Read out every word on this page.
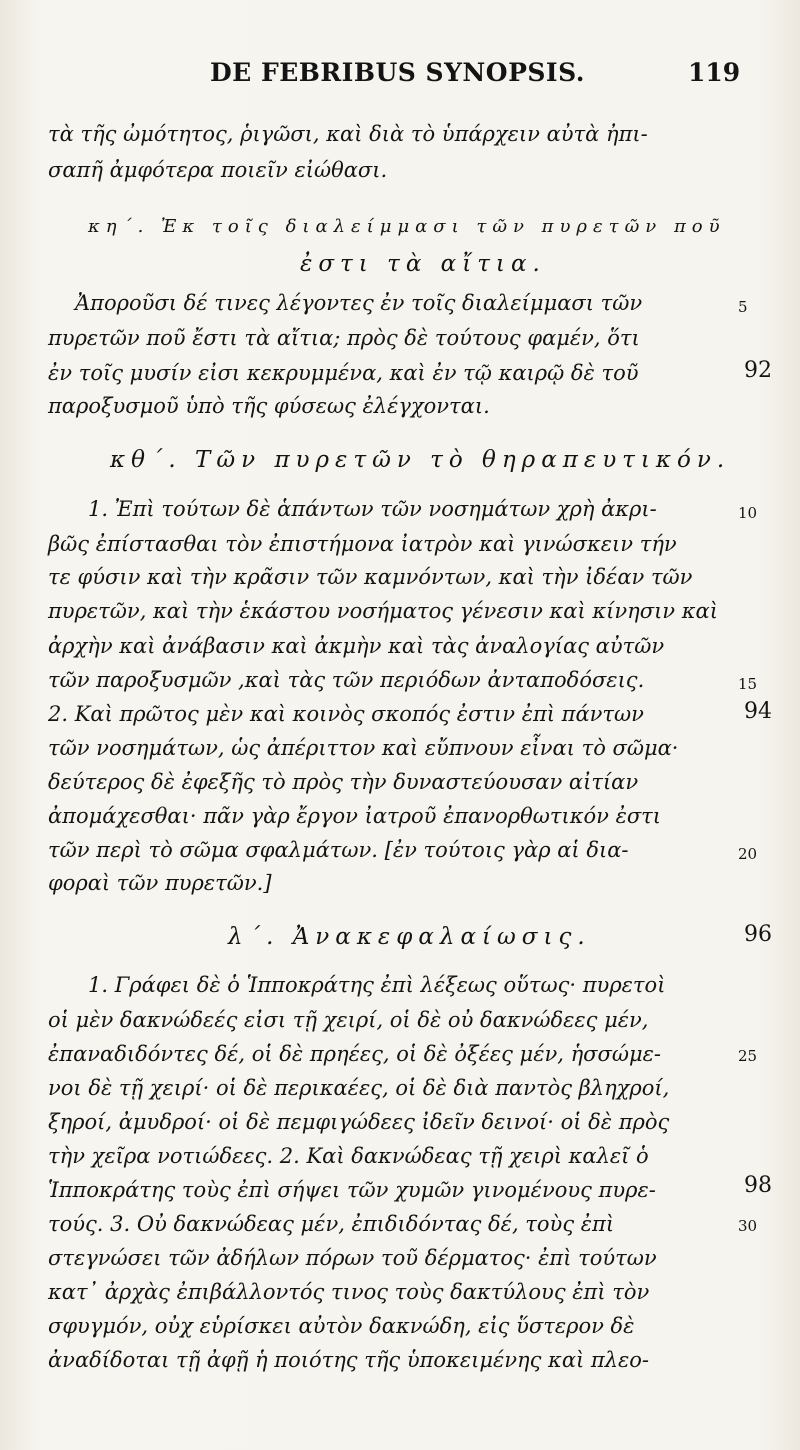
DE FEBRIBUS SYNOPSIS.	119
τὰ τῆς ὠμότητος, ῥιγῶσι, καὶ διὰ τὸ ὑπάρχειν αὐτὰ ἠπι-
σαπῆ ἀμφότερα ποιεῖν εἰώθασι.
κη΄. Ἐκ τοῖς διαλείμμασι τῶν πυρετῶν ποῦ
ἐστι τὰ αἴτια.
Ἀποροῦσι δέ τινες λέγοντες ἐν τοῖς διαλείμμασι τῶν
πυρετῶν ποῦ ἔστι τὰ αἴτια; πρὸς δὲ τούτους φαμέν, ὅτι
ἐν τοῖς μυσίν εἰσι κεκρυμμένα, καὶ ἐν τῷ καιρῷ δὲ τοῦ
παροξυσμοῦ ὑπὸ τῆς φύσεως ἐλέγχονται.
κθ΄. Τῶν πυρετῶν τὸ θηραπευτικόν.
1. Ἐπὶ τούτων δὲ ἁπάντων τῶν νοσημάτων χρὴ ἀκρι-
βῶς ἐπίστασθαι τὸν ἐπιστήμονα ἰατρὸν καὶ γινώσκειν τήν
τε φύσιν καὶ τὴν κρᾶσιν τῶν καμνόντων, καὶ τὴν ἰδέαν τῶν
πυρετῶν, καὶ τὴν ἑκάστου νοσήματος γένεσιν καὶ κίνησιν καὶ
ἀρχὴν καὶ ἀνάβασιν καὶ ἀκμὴν καὶ τὰς ἀναλογίας αὐτῶν
τῶν παροξυσμῶν ,καὶ τὰς τῶν περιόδων ἀνταποδόσεις.
2. Καὶ πρῶτος μὲν καὶ κοινὸς σκοπός ἐστιν ἐπὶ πάντων
τῶν νοσημάτων, ὡς ἀπέριττον καὶ εὔπνουν εἶναι τὸ σῶμα·
δεύτερος δὲ ἐφεξῆς τὸ πρὸς τὴν δυναστεύουσαν αἰτίαν
ἀπομάχεσθαι· πᾶν γὰρ ἔργον ἰατροῦ ἐπανορθωτικόν ἐστι
τῶν περὶ τὸ σῶμα σφαλμάτων. [ἐν τούτοις γὰρ αἱ δια-
φοραὶ τῶν πυρετῶν.]
λ΄. Ἀνακεφαλαίωσις.
1. Γράφει δὲ ὁ Ἱπποκράτης ἐπὶ λέξεως οὕτως· πυρετοὶ
οἱ μὲν δακνώδεές εἰσι τῇ χειρί, οἱ δὲ οὐ δακνώδεες μέν,
ἐπαναδιδόντες δέ, οἱ δὲ πρηέες, οἱ δὲ ὀξέες μέν, ἡσσώμε-
νοι δὲ τῇ χειρί· οἱ δὲ περικαέες, οἱ δὲ διὰ παντὸς βληχροί,
ξηροί, ἀμυδροί· οἱ δὲ πεμφιγώδεες ἰδεῖν δεινοί· οἱ δὲ πρὸς
τὴν χεῖρα νοτιώδεες. 2. Καὶ δακνώδεας τῇ χειρὶ καλεῖ ὁ
Ἱπποκράτης τοὺς ἐπὶ σήψει τῶν χυμῶν γινομένους πυρε-
τούς. 3. Οὐ δακνώδεας μέν, ἐπιδιδόντας δέ, τοὺς ἐπὶ
στεγνώσει τῶν ἀδήλων πόρων τοῦ δέρματος· ἐπὶ τούτων
κατ᾽ ἀρχὰς ἐπιβάλλοντός τινος τοὺς δακτύλους ἐπὶ τὸν
σφυγμόν, οὐχ εὑρίσκει αὐτὸν δακνώδη, εἰς ὕστερον δὲ
ἀναδίδοται τῇ ἀφῇ ἡ ποιότης τῆς ὑποκειμένης καὶ πλεο-
5
10
15
20
25
30
92
94
96
98
